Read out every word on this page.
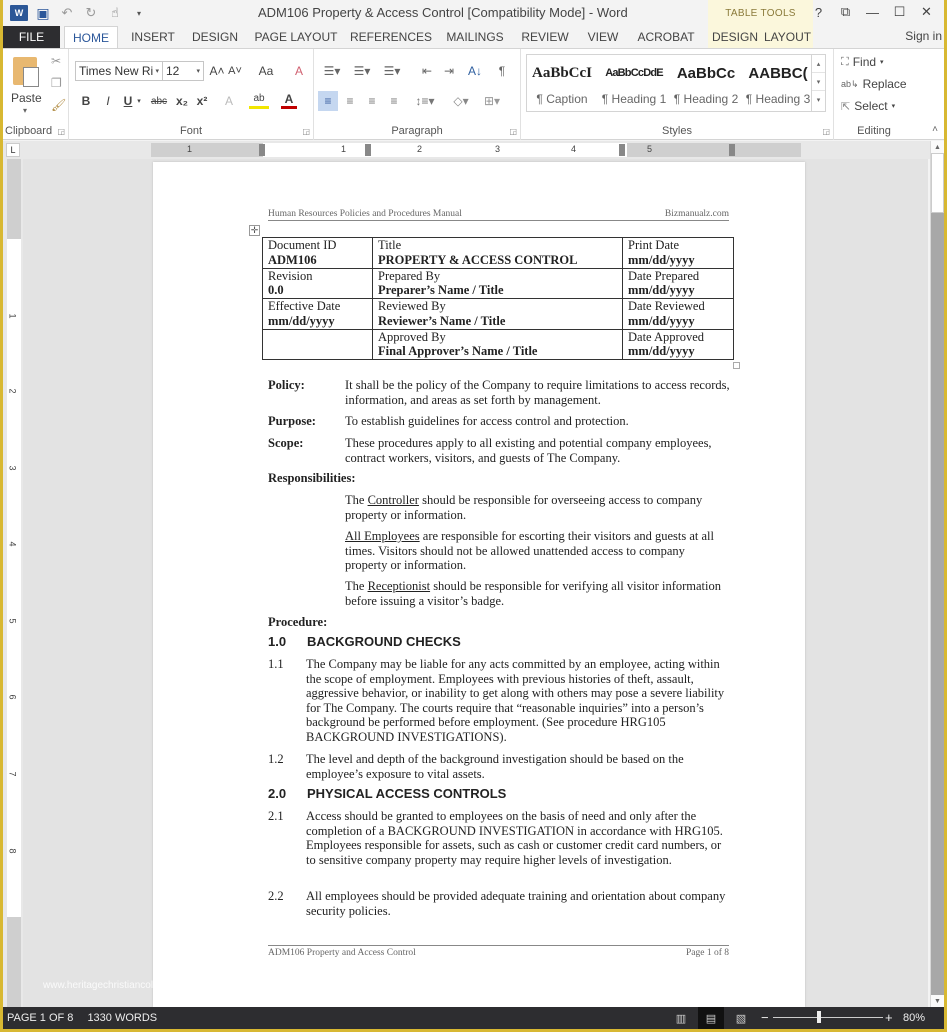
W ▣ ↶	↻	☝	▾	ADM106 Property & Access Control [Compatibility Mode] - Word	TABLE TOOLS	?	⧉	—	☐	✕
FILE	HOME	INSERT	DESIGN	PAGE LAYOUT REFERENCES	MAILINGS	REVIEW	VIEW	ACROBAT	DESIGN LAYOUT	Sign in
Paste
▾
✂
❐
🖌
Clipboard ◲
Times New Ri ▾ 12 ▾ A˄ A˅	Aa	A
B	I	U ▾	abc x₂ x²	A	ab	A
Font	◲
☰▾	☰▾	☰▾	⇤ ⇥	A↓	¶
≡	≡	≡	≡	↕≡▾	◇▾	⊞▾
Paragraph	◲	Styles	◲
AaBbCcI
¶ Caption
AaBbCcDdE
¶ Heading 1
AaBbCc
¶ Heading 2
AABBC(
¶ Heading 3
▴
▾
▾
Editing
⛶ Find ▾
ab↳ Replace
⇱ Select ▾
˄
L	1	1	2	3	4	5
1
2
3
4
5
6
7
8
Human Resources Policies and Procedures Manual	Bizmanualz.com
✛
Document ID
ADM106	Title
PROPERTY & ACCESS CONTROL	Print Date
mm/dd/yyyy
Revision
0.0	Prepared By
Preparer’s Name / Title	Date Prepared
mm/dd/yyyy
Effective Date
mm/dd/yyyy	Reviewed By
Reviewer’s Name / Title	Date Reviewed
mm/dd/yyyy

	Approved By
Final Approver’s Name / Title	Date Approved
mm/dd/yyyy
Policy:	It shall be the policy of the Company to require limitations to access records, information, and areas as set forth by management.
Purpose: To establish guidelines for access control and protection.
Scope:	These procedures apply to all existing and potential company employees, contract workers, visitors, and guests of The Company.
Responsibilities:
The Controller should be responsible for overseeing access to company property or information.
All Employees are responsible for escorting their visitors and guests at all times. Visitors should not be allowed unattended access to company property or information.
The Receptionist should be responsible for verifying all visitor information before issuing a visitor’s badge.
Procedure:
1.0 BACKGROUND CHECKS
1.1 The Company may be liable for any acts committed by an employee, acting within the scope of employment. Employees with previous histories of theft, assault, aggressive behavior, or inability to get along with others may pose a severe liability for The Company. The courts require that “reasonable inquiries” into a person’s background be performed before employment. (See procedure HRG105 BACKGROUND INVESTIGATIONS).
1.2 The level and depth of the background investigation should be based on the employee’s exposure to vital assets.
2.0 PHYSICAL ACCESS CONTROLS
2.1 Access should be granted to employees on the basis of need and only after the completion of a BACKGROUND INVESTIGATION in accordance with HRG105. Employees responsible for assets, such as cash or customer credit card numbers, or to sensitive company property may require higher levels of investigation.
2.2 All employees should be provided adequate training and orientation about company security policies.
ADM106 Property and Access Control	Page 1 of 8
www.heritagechristiancollege.com
▲
▼
PAGE 1 OF 8 1330 WORDS	▥	▤	▧	−	+ 80%
